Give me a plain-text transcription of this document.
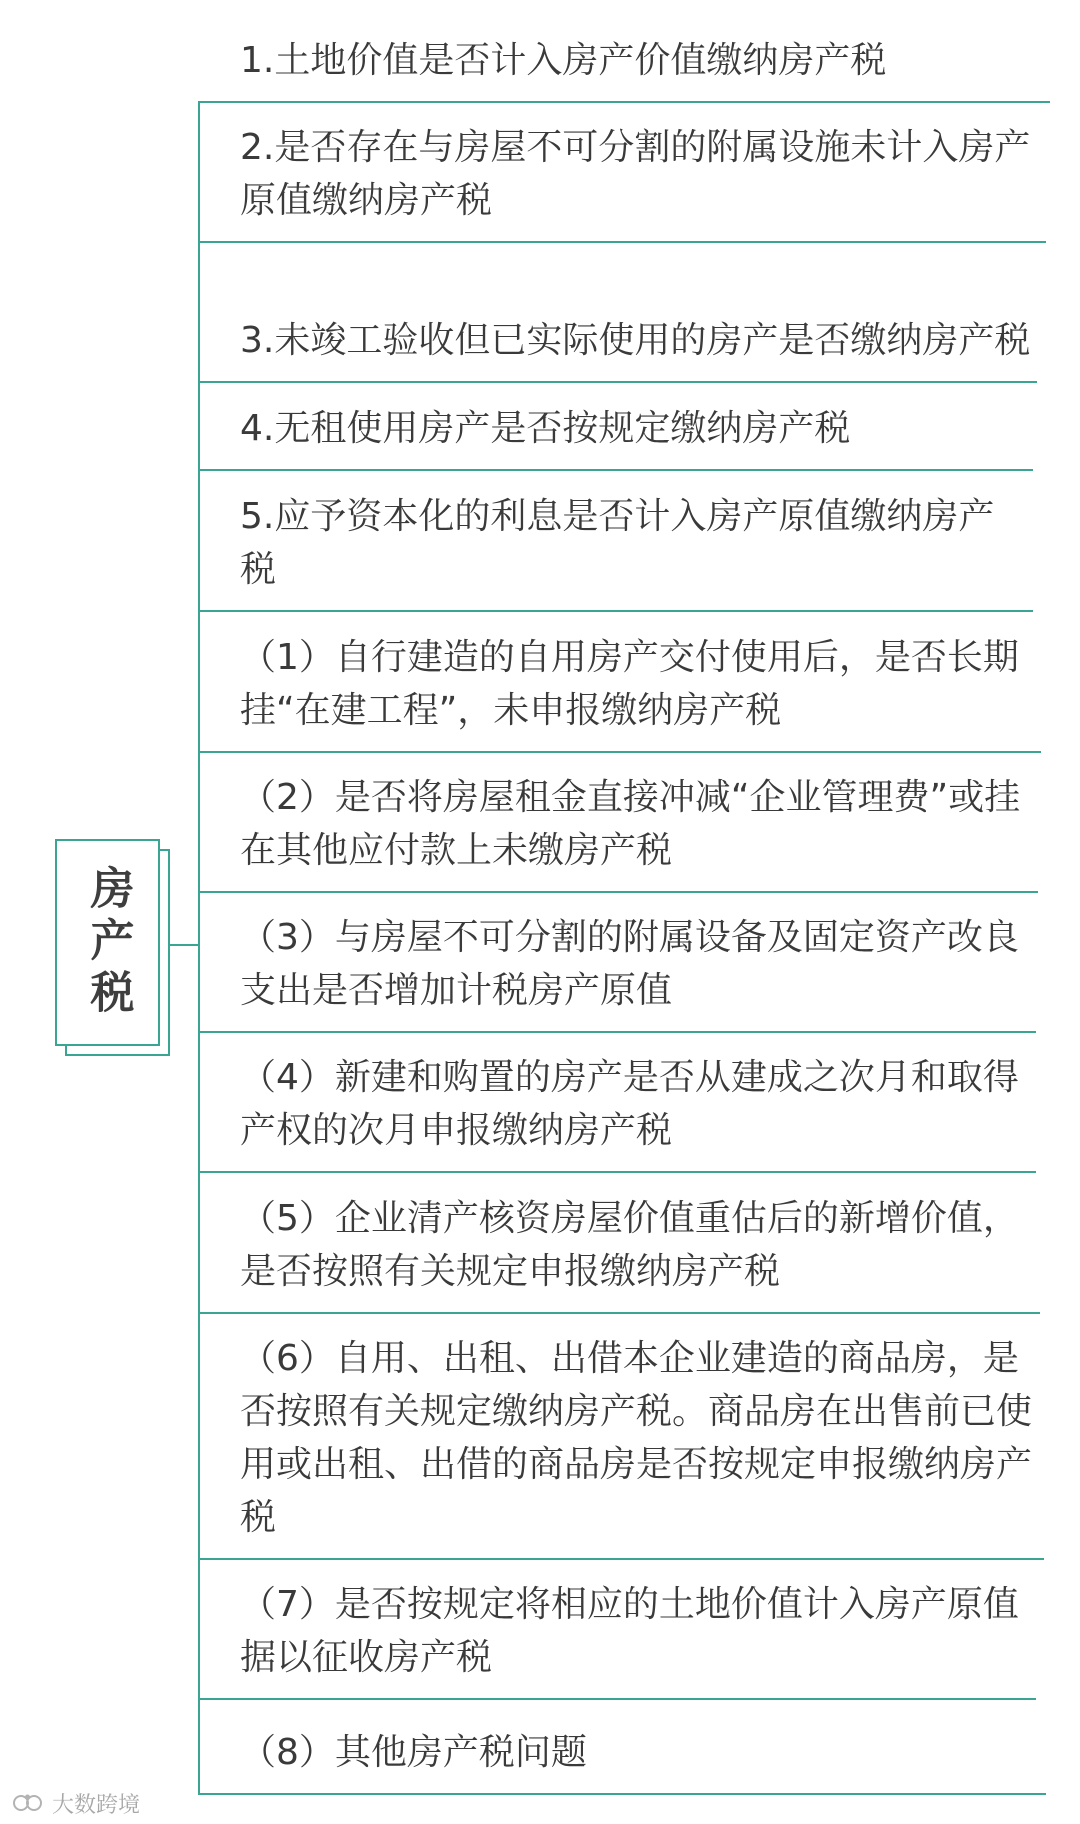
房产税
1.土地价值是否计入房产价值缴纳房产税
2.是否存在与房屋不可分割的附属设施未计入房产原值缴纳房产税
3.未竣工验收但已实际使用的房产是否缴纳房产税
4.无租使用房产是否按规定缴纳房产税
5.应予资本化的利息是否计入房产原值缴纳房产税
（1）自行建造的自用房产交付使用后，是否长期挂“在建工程”，未申报缴纳房产税
（2）是否将房屋租金直接冲减“企业管理费”或挂在其他应付款上未缴房产税
（3）与房屋不可分割的附属设备及固定资产改良支出是否增加计税房产原值
（4）新建和购置的房产是否从建成之次月和取得产权的次月申报缴纳房产税
（5）企业清产核资房屋价值重估后的新增价值，是否按照有关规定申报缴纳房产税
（6）自用、出租、出借本企业建造的商品房，是否按照有关规定缴纳房产税。商品房在出售前已使用或出租、出借的商品房是否按规定申报缴纳房产税
（7）是否按规定将相应的土地价值计入房产原值据以征收房产税
（8）其他房产税问题
大数跨境
